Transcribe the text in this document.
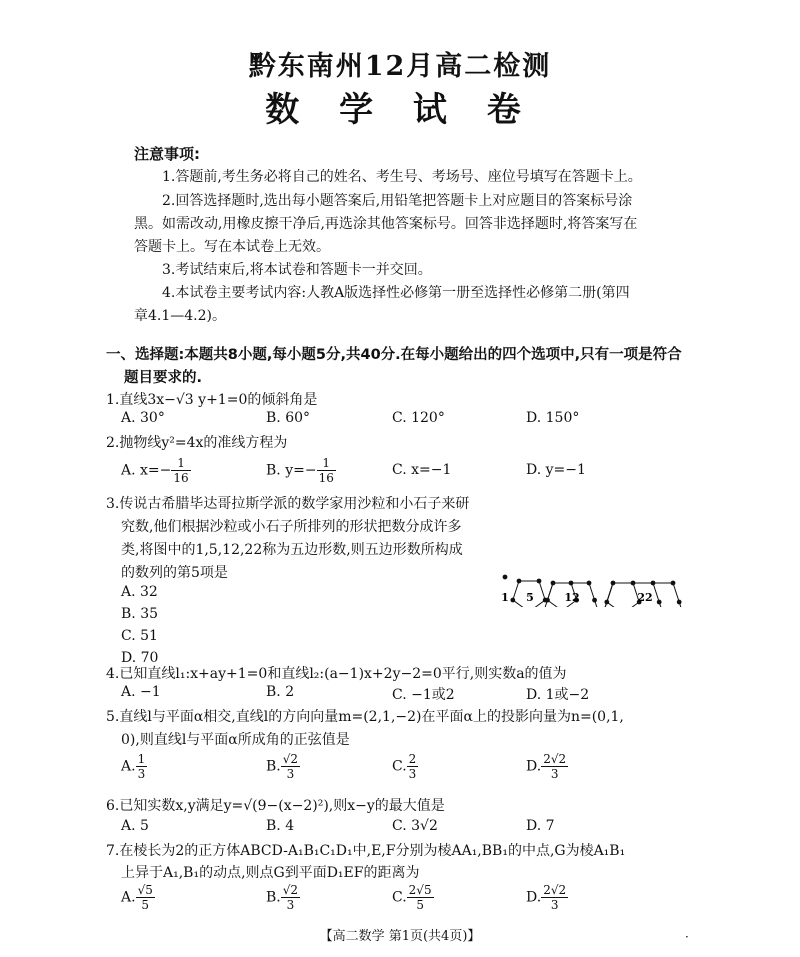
黔东南州12月高二检测
数 学 试 卷
注意事项:
1.答题前,考生务必将自己的姓名、考生号、考场号、座位号填写在答题卡上。
2.回答选择题时,选出每小题答案后,用铅笔把答题卡上对应题目的答案标号涂
黑。如需改动,用橡皮擦干净后,再选涂其他答案标号。回答非选择题时,将答案写在
答题卡上。写在本试卷上无效。
3.考试结束后,将本试卷和答题卡一并交回。
4.本试卷主要考试内容:人教A版选择性必修第一册至选择性必修第二册(第四
章4.1—4.2)。
一、选择题:本题共8小题,每小题5分,共40分.在每小题给出的四个选项中,只有一项是符合
题目要求的.
1.直线3x−√3 y+1=0的倾斜角是
A. 30°	B. 60°	C. 120°	D. 150°
2.抛物线y²=4x的准线方程为
A. $x=- \frac{1}{16}$	B. $y=- \frac{1}{16}$	C. x=−1	D. y=−1
3.传说古希腊毕达哥拉斯学派的数学家用沙粒和小石子来研
究数,他们根据沙粒或小石子所排列的形状把数分成许多
类,将图中的1,5,12,22称为五边形数,则五边形数所构成
的数列的第5项是
A. 32
B. 35
C. 51
D. 70
1 5	12	22
4.已知直线l₁:x+ay+1=0和直线l₂:(a−1)x+2y−2=0平行,则实数a的值为
A. −1	B. 2	C. −1或2	D. 1或−2
5.直线l与平面α相交,直线l的方向向量m=(2,1,−2)在平面α上的投影向量为n=(0,1,
0),则直线l与平面α所成角的正弦值是
A. $\frac{1}{3}$	B. $\frac{√2}{3}$	C. $\frac{2}{3}$	D. $\frac{2√2}{3}$
6.已知实数x,y满足y=√(9−(x−2)²),则x−y的最大值是
A. 5	B. 4	C. 3√2	D. 7
7.在棱长为2的正方体ABCD-A₁B₁C₁D₁中,E,F分别为棱AA₁,BB₁的中点,G为棱A₁B₁
上异于A₁,B₁的动点,则点G到平面D₁EF的距离为
A. $\frac{√5}{5}$	B. $\frac{√2}{3}$	C. $\frac{2√5}{5}$	D. $\frac{2√2}{3}$
【高二数学 第1页(共4页)】	·
